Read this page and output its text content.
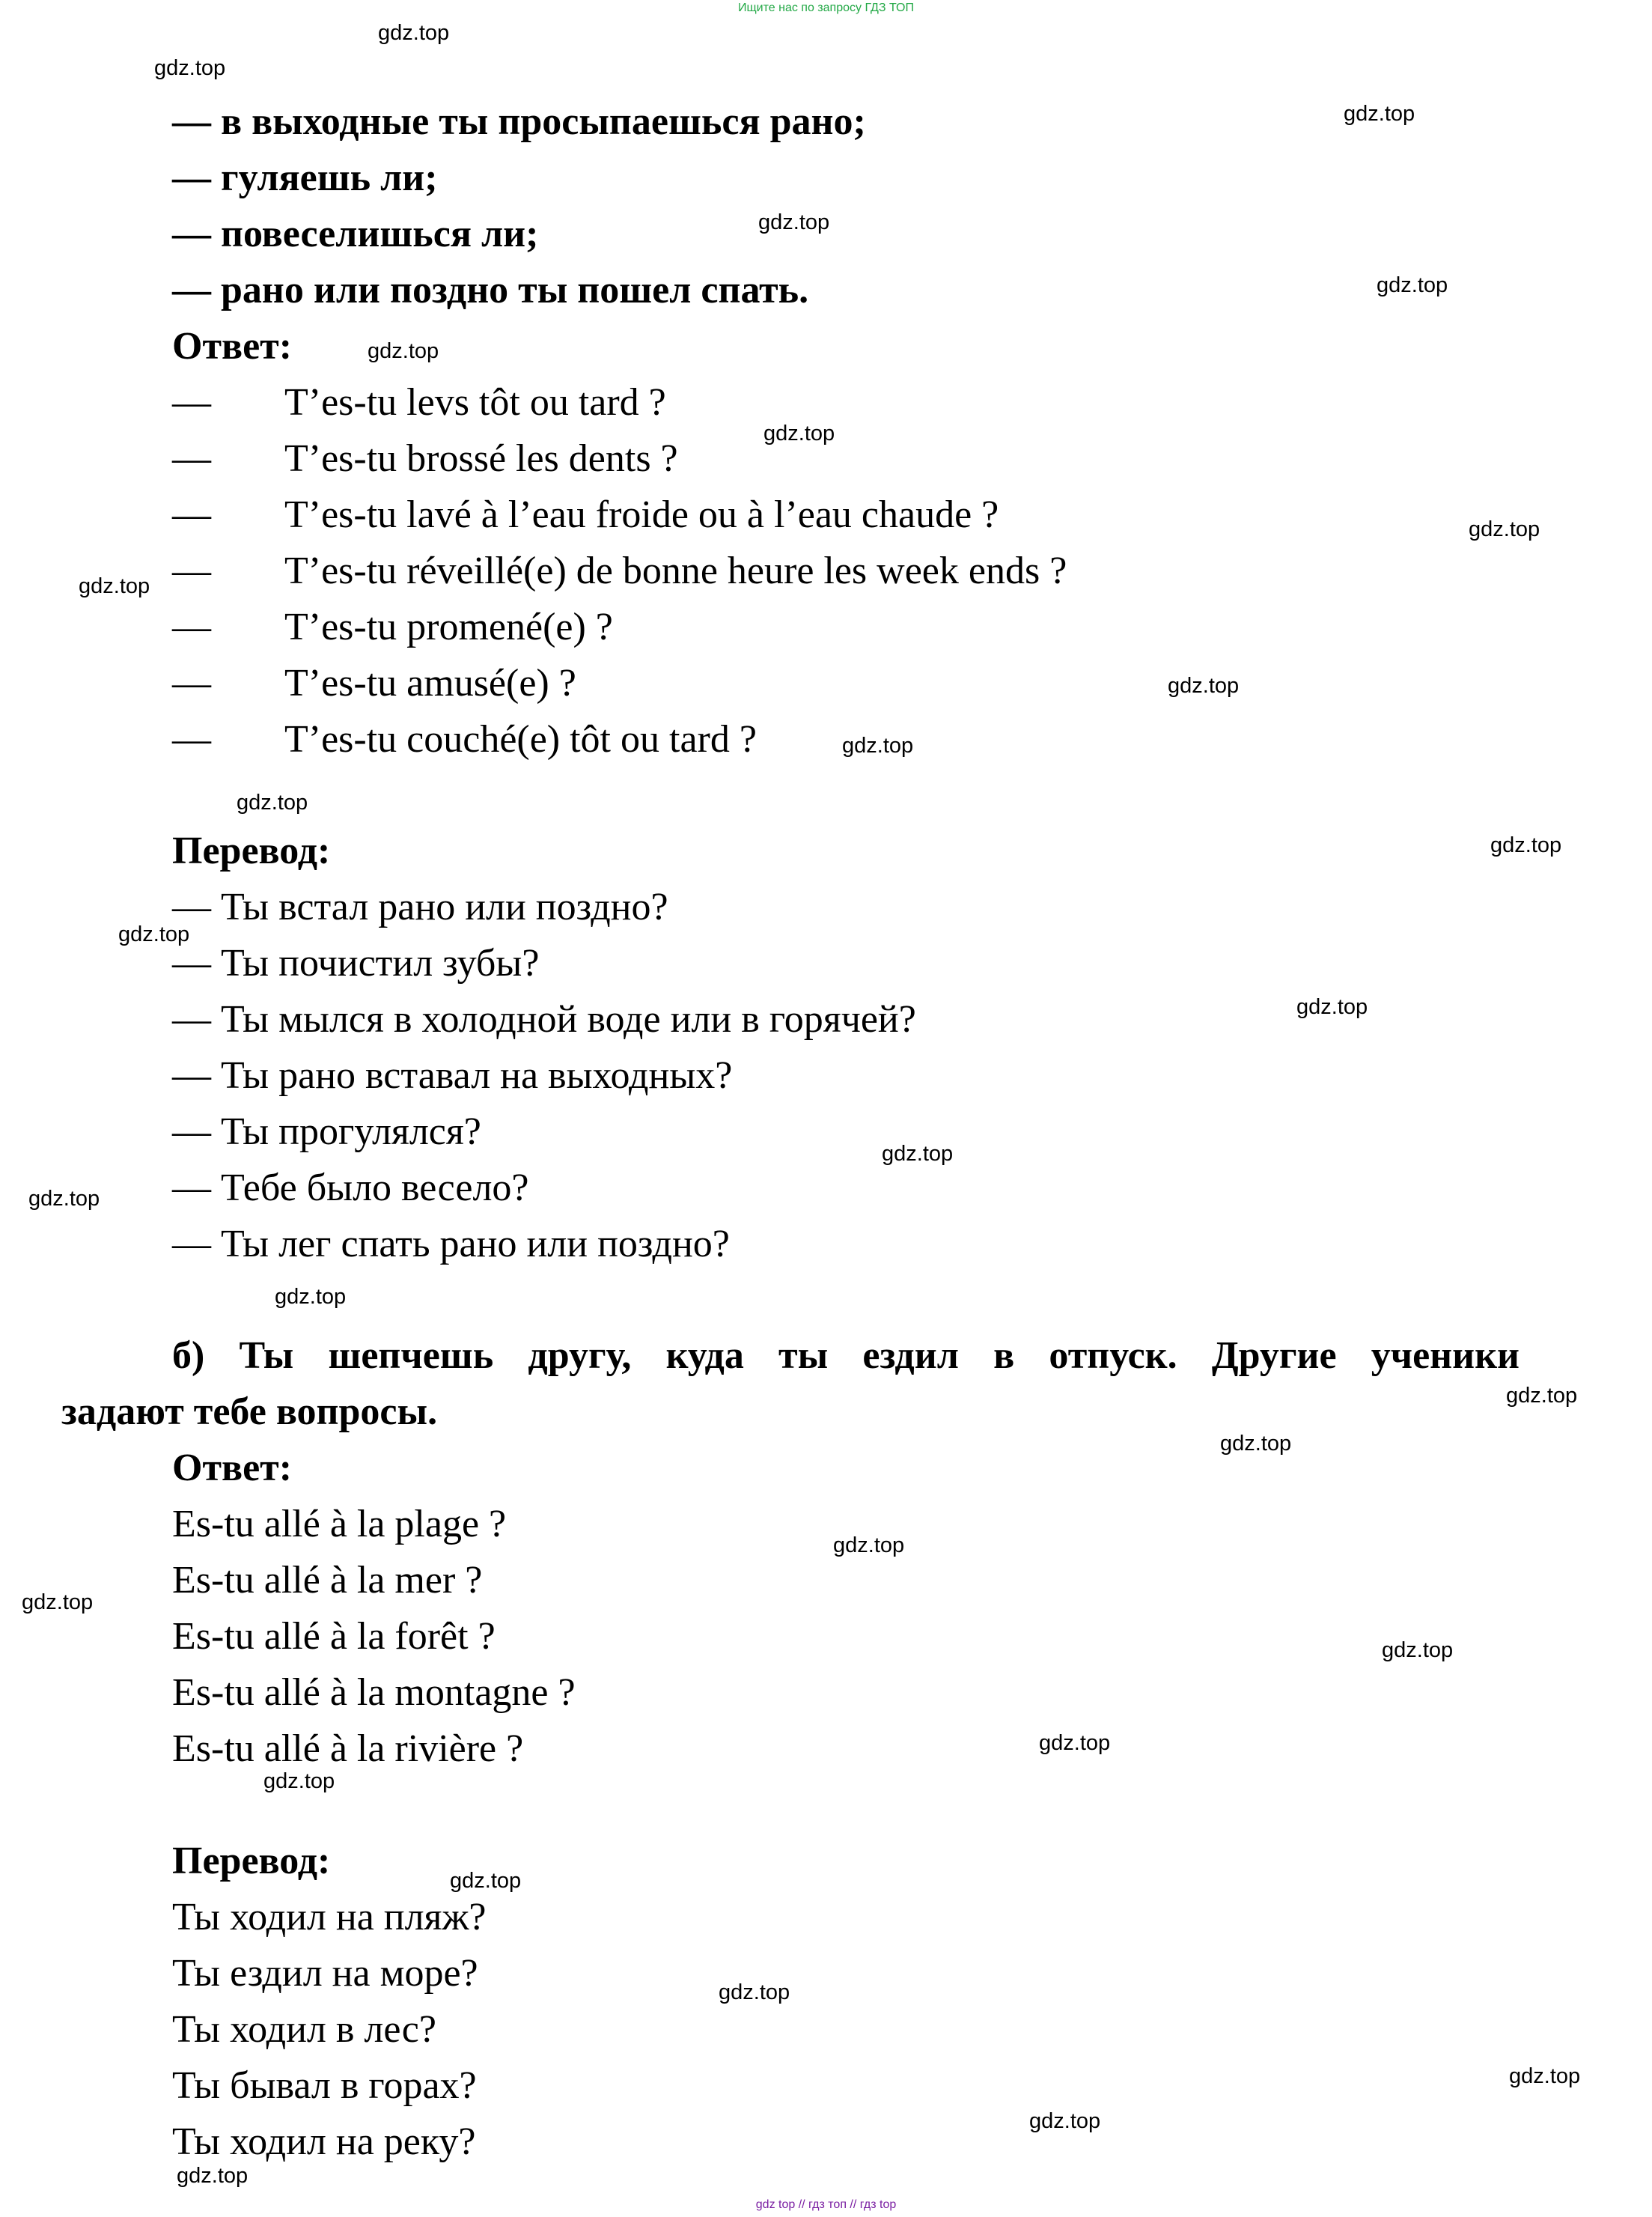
Ищите нас по запросу ГДЗ ТОП
— в выходные ты просыпаешься рано;
— гуляешь ли;
— повеселишься ли;
— рано или поздно ты пошел спать.
Ответ:
— T’es-tu levs tôt ou tard ?
— T’es-tu brossé les dents ?
— T’es-tu lavé à l’eau froide ou à l’eau chaude ?
— T’es-tu réveillé(e) de bonne heure les week ends ?
— T’es-tu promené(e) ?
— T’es-tu amusé(e) ?
— T’es-tu couché(e) tôt ou tard ?
Перевод:
— Ты встал рано или поздно?
— Ты почистил зубы?
— Ты мылся в холодной воде или в горячей?
— Ты рано вставал на выходных?
— Ты прогулялся?
— Тебе было весело?
— Ты лег спать рано или поздно?
б) Ты шепчешь другу, куда ты ездил в отпуск. Другие ученики
задают тебе вопросы.
Ответ:
Es-tu allé à la plage ?
Es-tu allé à la mer ?
Es-tu allé à la forêt ?
Es-tu allé à la montagne ?
Es-tu allé à la rivière ?
Перевод:
Ты ходил на пляж?
Ты ездил на море?
Ты ходил в лес?
Ты бывал в горах?
Ты ходил на реку?
gdz.top
gdz.top
gdz.top
gdz.top
gdz.top
gdz.top
gdz.top
gdz.top
gdz.top
gdz.top
gdz.top
gdz.top
gdz.top
gdz.top
gdz.top
gdz.top
gdz.top
gdz.top
gdz.top
gdz.top
gdz.top
gdz.top
gdz.top
gdz.top
gdz.top
gdz.top
gdz.top
gdz.top
gdz.top
gdz.top
gdz top // гдз топ // гдз top
